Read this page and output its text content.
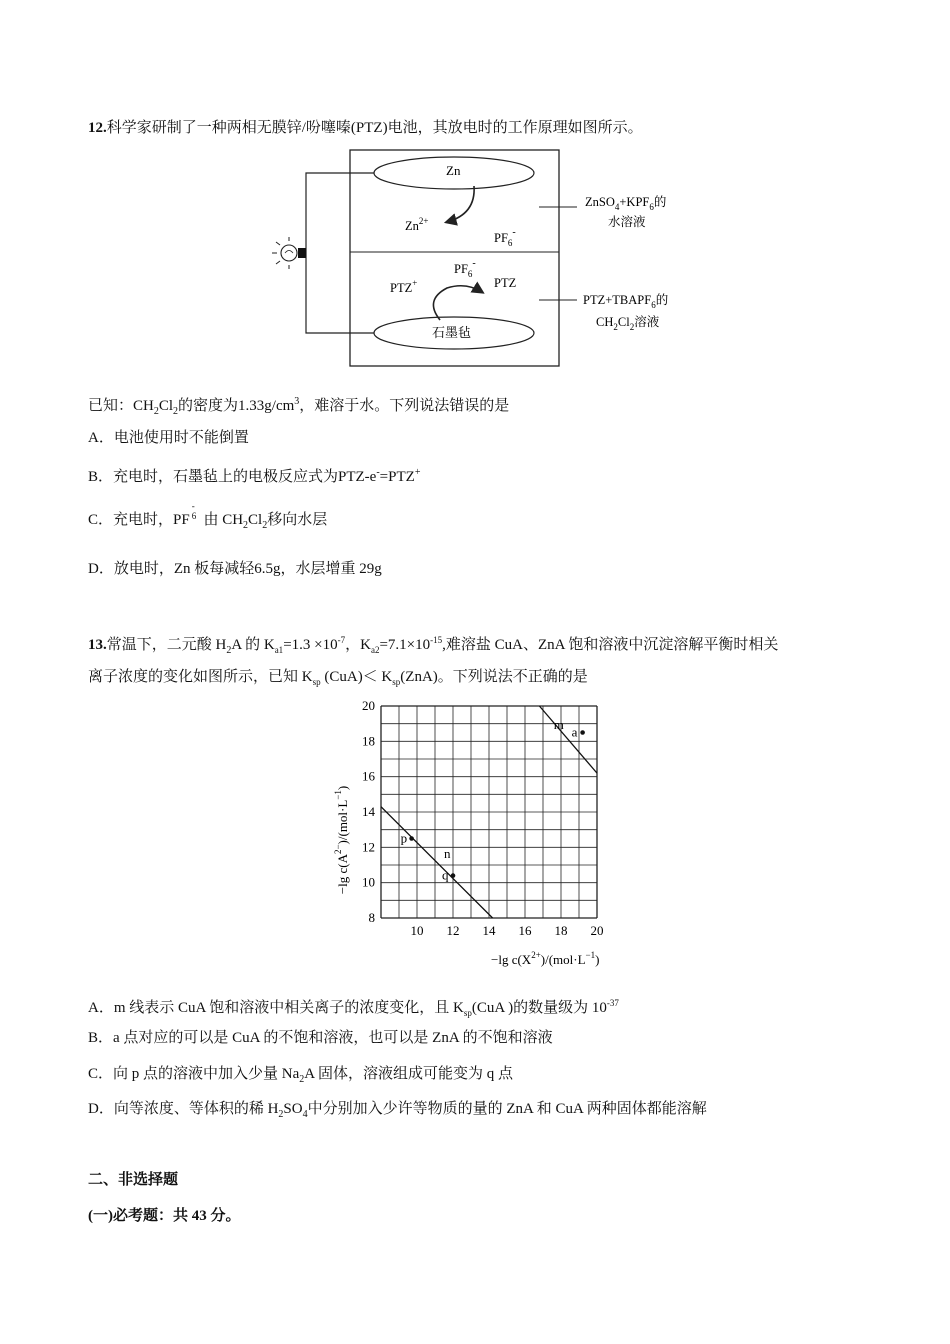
12.科学家研制了一种两相无膜锌/吩噻嗪(PTZ)电池，其放电时的工作原理如图所示。
Zn
石墨毡
$Zn^{2+}$
$PF_6^-$
$PF_6^-$
PTZ+	PTZ
$ZnSO_4+KPF_6$的
水溶液
$PTZ+TBAPF_6$的
$CH_2Cl_2$溶液
已知：$CH_2Cl_2$的密度为$1.33g/cm^3$，难溶于水。下列说法错误的是
A．电池使用时不能倒置
B．充电时，石墨毡上的电极反应式为PTZ-e-=PTZ+
C．充电时，PF
-
6 由 $CH_2Cl_2$移向水层
D．放电时，Zn 板每减轻6.5g，水层增重 29g
13.常温下，二元酸 $H_2A$ 的 $K_{a1}=1.3 \times 10^{-7}$，$K_{a2}=7.1\times 10^{-15}$,难溶盐 CuA、ZnA 饱和溶液中沉淀溶解平衡时相关
离子浓度的变化如图所示，已知 $K_{sp}$ $(CuA)< K_{sp}(ZnA)$。下列说法不正确的是
10 12 14 16 18 20
8
10
12
14
16
18
20
m
n
a
p
q
−lg $c(X^{2+})/(mol\cdot L^{-1})$
−lg $c(A^{2-})/(mol\cdot L^{-1})$
A．m 线表示 CuA 饱和溶液中相关离子的浓度变化，且 $K_{sp}(CuA$ )的数量级为 $10^{-37}$
B．a 点对应的可以是 CuA 的不饱和溶液，也可以是 ZnA 的不饱和溶液
C．向 p 点的溶液中加入少量 $Na_2A$ 固体，溶液组成可能变为 q 点
D．向等浓度、等体积的稀 $H_2SO_4$中分别加入少许等物质的量的 ZnA 和 CuA 两种固体都能溶解
二、非选择题
(一)必考题：共 43 分。
